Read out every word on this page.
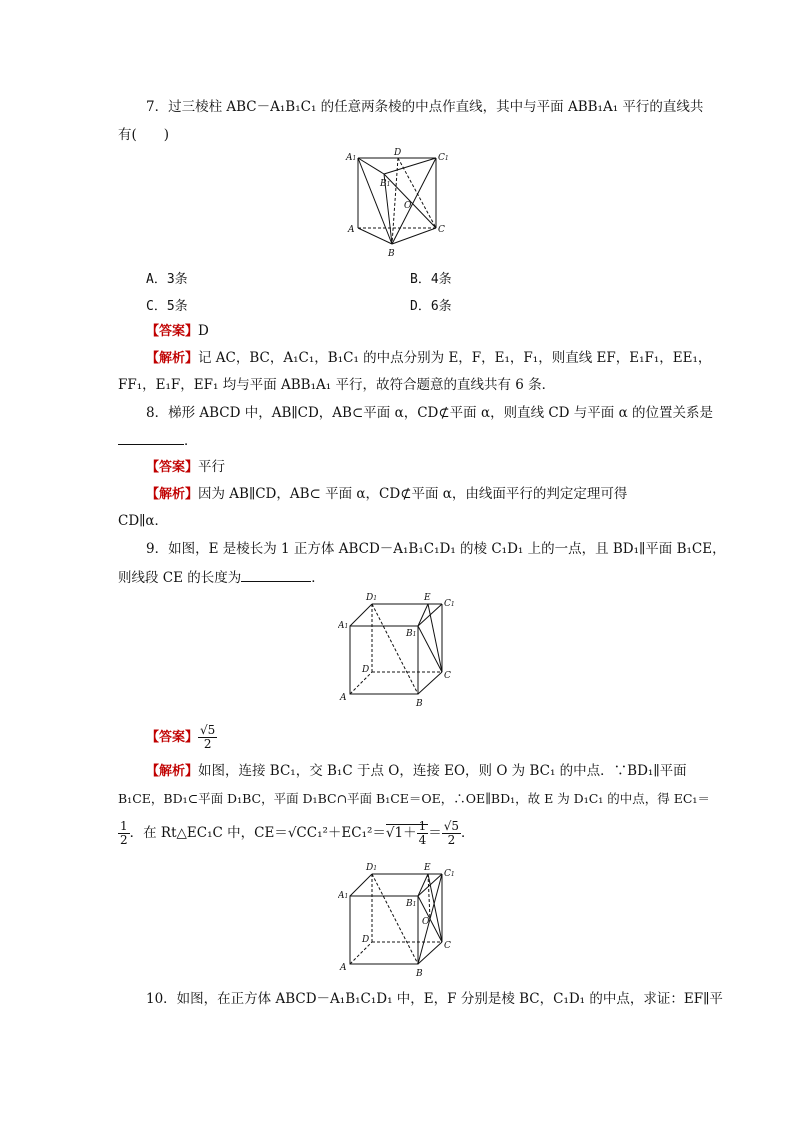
7．过三棱柱 ABC－A₁B₁C₁ 的任意两条棱的中点作直线，其中与平面 ABB₁A₁ 平行的直线共
有(　　)
A1
D	C1
B1
O
A	C
B
A．3条	B．4条
C．5条	D．6条
【答案】D
【解析】记 AC，BC，A₁C₁，B₁C₁ 的中点分别为 E，F，E₁，F₁，则直线 EF，E₁F₁，EE₁，
FF₁，E₁F，EF₁ 均与平面 ABB₁A₁ 平行，故符合题意的直线共有 6 条．
8．梯形 ABCD 中，AB∥CD，AB⊂平面 α，CD⊄平面 α，则直线 CD 与平面 α 的位置关系是
．
【答案】平行
【解析】因为 AB∥CD，AB⊂ 平面 α，CD⊄平面 α，由线面平行的判定定理可得
CD∥α．
9．如图，E 是棱长为 1 正方体 ABCD－A₁B₁C₁D₁ 的棱 C₁D₁ 上的一点，且 BD₁∥平面 B₁CE，
则线段 CE 的长度为	．
D1	E
C1
A1
B1
D
C
A
B
【答案】 $\frac{√5}{2}$
【解析】如图，连接 BC₁，交 B₁C 于点 O，连接 EO，则 O 为 BC₁ 的中点．∵BD₁∥平面
B₁CE，BD₁⊂平面 D₁BC，平面 D₁BC∩平面 B₁CE＝OE，∴OE∥BD₁，故 E 为 D₁C₁ 的中点，得 EC₁＝
$\frac{1}{2}$ ．在 Rt△EC₁C 中，$CE=√CC_1^2+EC_1^2=√1+ \frac{1}{4} = \frac{√5}{2}$ ．
D1	E
C1
A1
B1
O
D
C
A
B
10．如图，在正方体 ABCD－A₁B₁C₁D₁ 中，E，F 分别是棱 BC，C₁D₁ 的中点，求证：EF∥平
